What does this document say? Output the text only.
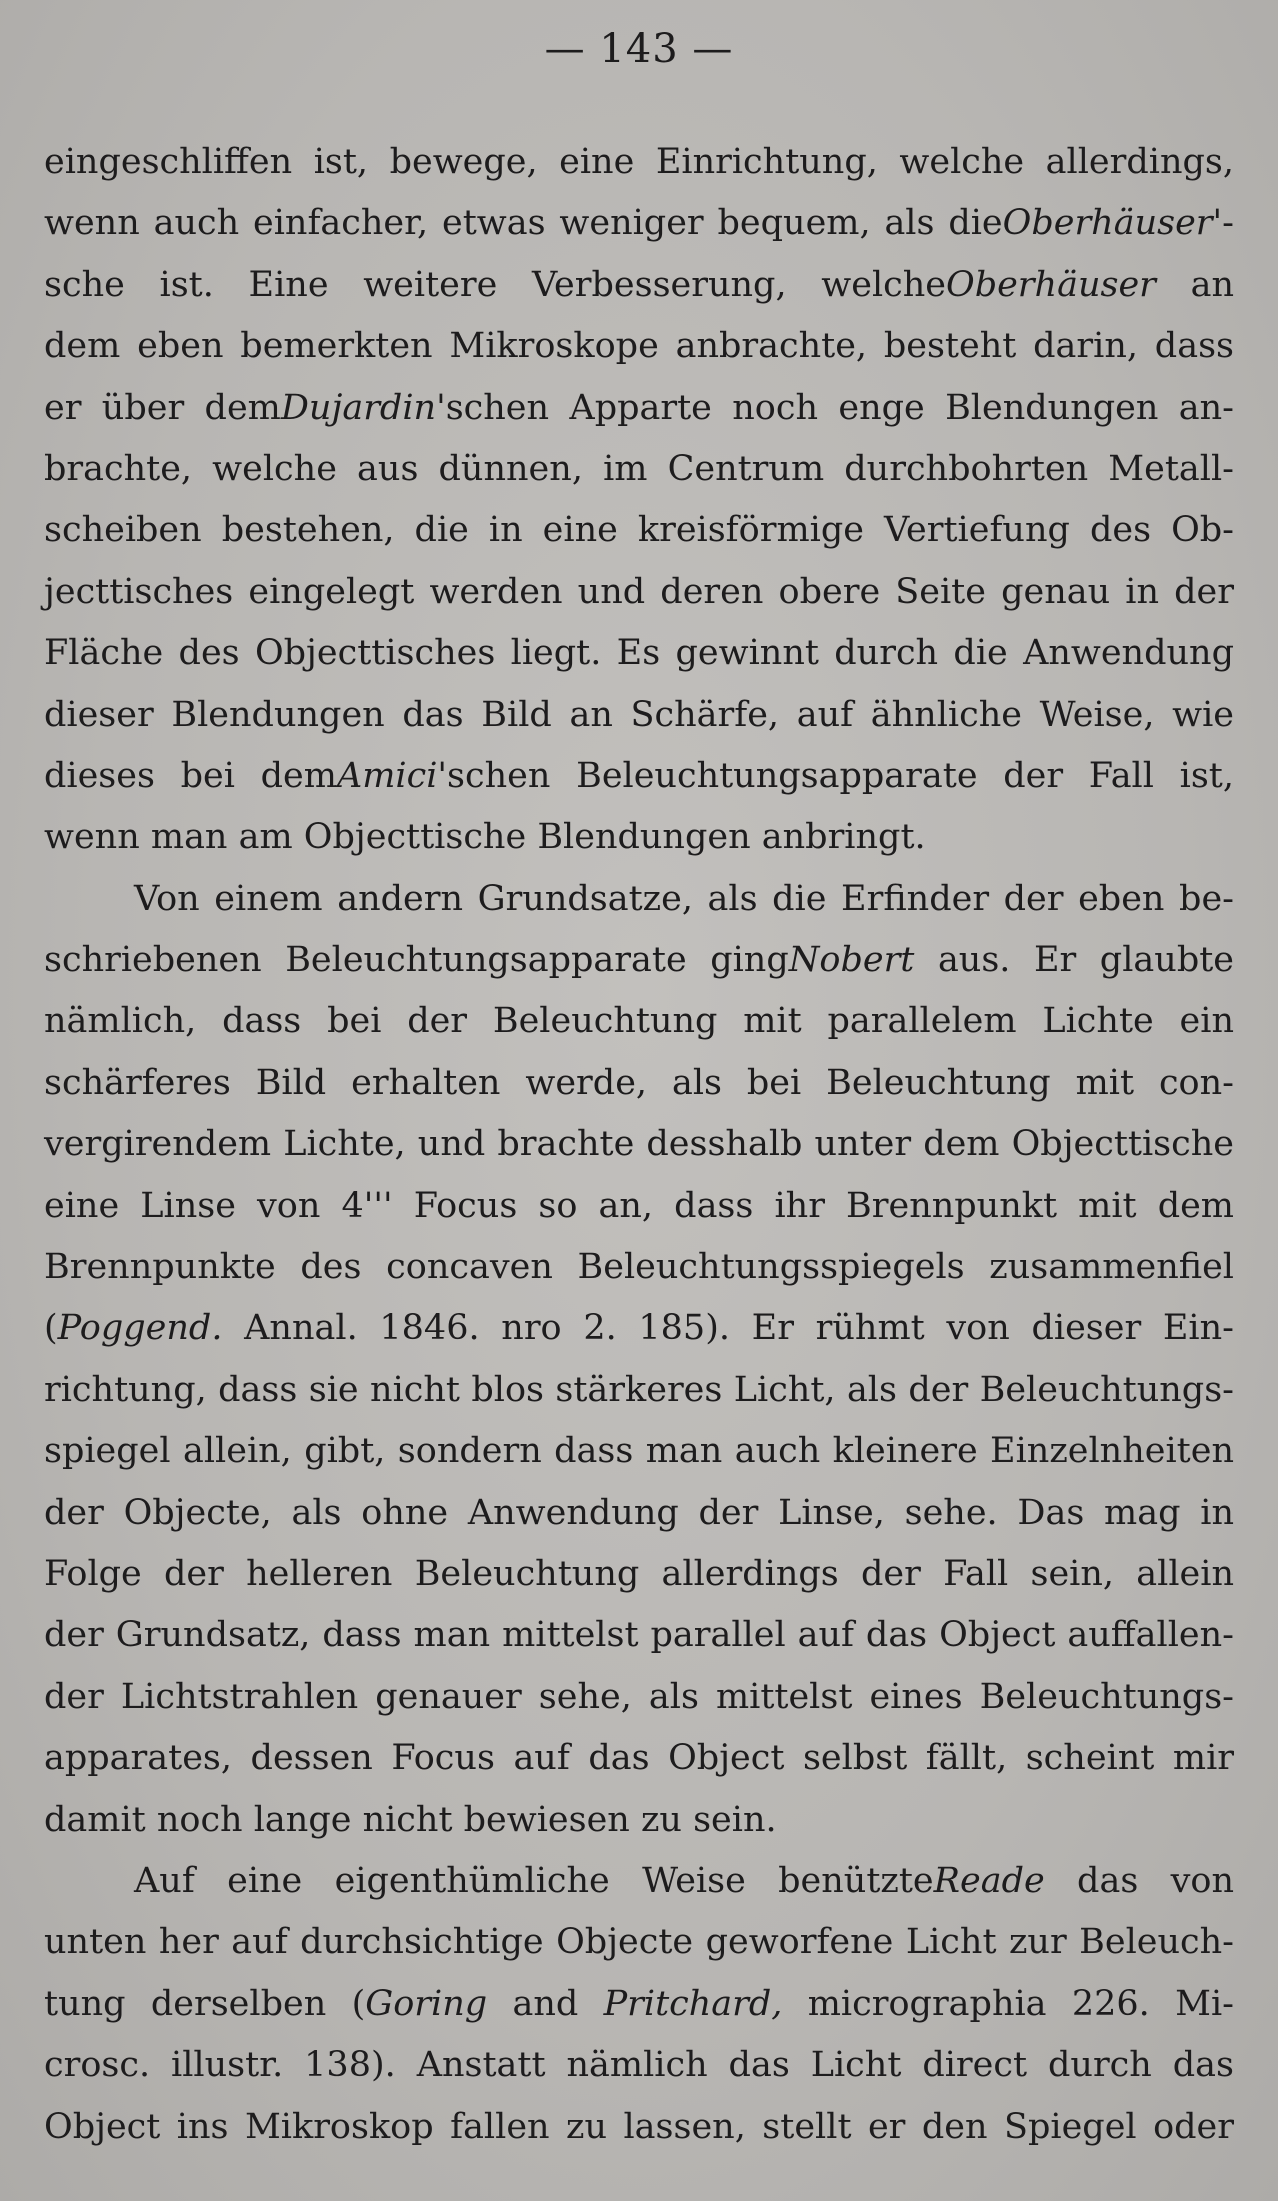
— 143 —
eingeschliffen ist, bewege, eine Einrichtung, welche allerdings,
wenn auch einfacher, etwas weniger bequem, als dieOberhäuser'-
sche ist. Eine weitere Verbesserung, welcheOberhäuser an
dem eben bemerkten Mikroskope anbrachte, besteht darin, dass
er über demDujardin'schen Apparte noch enge Blendungen an-
brachte, welche aus dünnen, im Centrum durchbohrten Metall-
scheiben bestehen, die in eine kreisförmige Vertiefung des Ob-
jecttisches eingelegt werden und deren obere Seite genau in der
Fläche des Objecttisches liegt. Es gewinnt durch die Anwendung
dieser Blendungen das Bild an Schärfe, auf ähnliche Weise, wie
dieses bei demAmici'schen Beleuchtungsapparate der Fall ist,
wenn man am Objecttische Blendungen anbringt.
Von einem andern Grundsatze, als die Erfinder der eben be-
schriebenen Beleuchtungsapparate gingNobert aus. Er glaubte
nämlich, dass bei der Beleuchtung mit parallelem Lichte ein
schärferes Bild erhalten werde, als bei Beleuchtung mit con-
vergirendem Lichte, und brachte desshalb unter dem Objecttische
eine Linse von 4''' Focus so an, dass ihr Brennpunkt mit dem
Brennpunkte des concaven Beleuchtungsspiegels zusammenfiel
(Poggend. Annal. 1846. nro 2. 185). Er rühmt von dieser Ein-
richtung, dass sie nicht blos stärkeres Licht, als der Beleuchtungs-
spiegel allein, gibt, sondern dass man auch kleinere Einzelnheiten
der Objecte, als ohne Anwendung der Linse, sehe. Das mag in
Folge der helleren Beleuchtung allerdings der Fall sein, allein
der Grundsatz, dass man mittelst parallel auf das Object auffallen-
der Lichtstrahlen genauer sehe, als mittelst eines Beleuchtungs-
apparates, dessen Focus auf das Object selbst fällt, scheint mir
damit noch lange nicht bewiesen zu sein.
Auf eine eigenthümliche Weise benützteReade das von
unten her auf durchsichtige Objecte geworfene Licht zur Beleuch-
tung derselben (Goring and Pritchard, micrographia 226. Mi-
crosc. illustr. 138). Anstatt nämlich das Licht direct durch das
Object ins Mikroskop fallen zu lassen, stellt er den Spiegel oder
